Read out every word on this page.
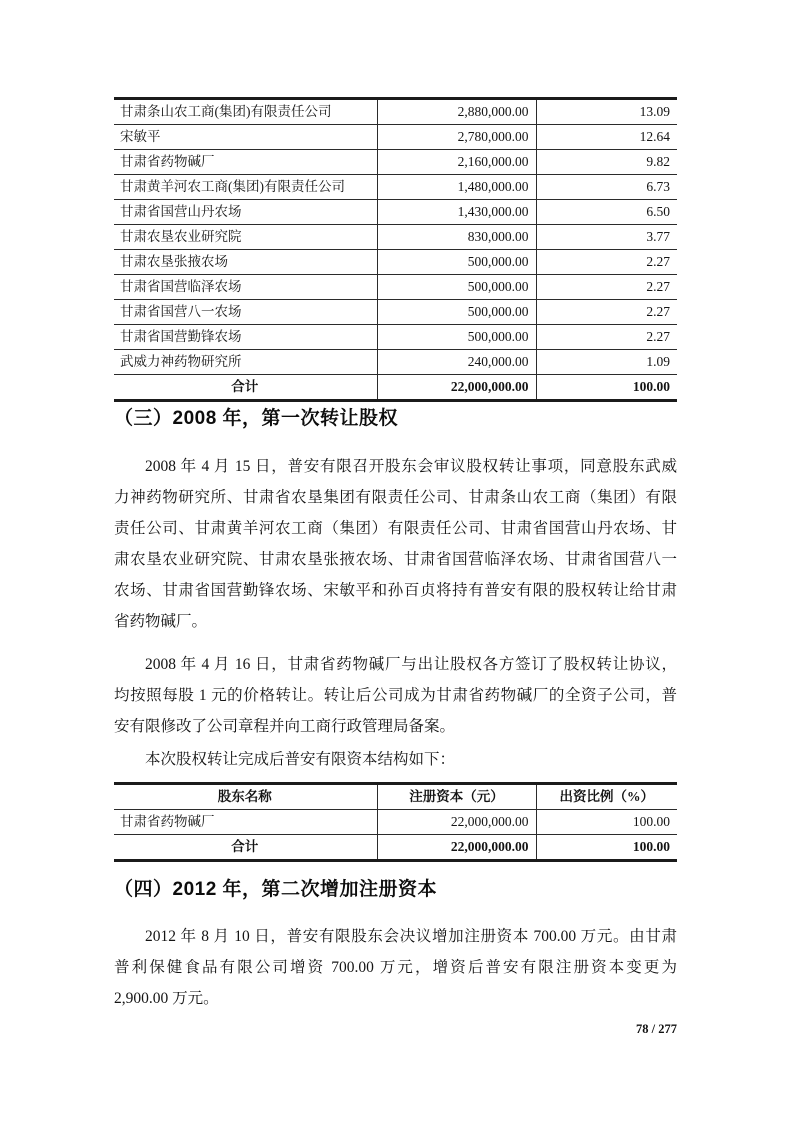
甘肃条山农工商(集团)有限责任公司	2,880,000.00	13.09
宋敏平	2,780,000.00	12.64
甘肃省药物碱厂	2,160,000.00	9.82
甘肃黄羊河农工商(集团)有限责任公司	1,480,000.00	6.73
甘肃省国营山丹农场	1,430,000.00	6.50
甘肃农垦农业研究院	830,000.00	3.77
甘肃农垦张掖农场	500,000.00	2.27
甘肃省国营临泽农场	500,000.00	2.27
甘肃省国营八一农场	500,000.00	2.27
甘肃省国营勤锋农场	500,000.00	2.27
武威力神药物研究所	240,000.00	1.09
合计	22,000,000.00	100.00
（三）2008 年，第一次转让股权
2008 年 4 月 15 日，普安有限召开股东会审议股权转让事项，同意股东武威
力神药物研究所、甘肃省农垦集团有限责任公司、甘肃条山农工商（集团）有限
责任公司、甘肃黄羊河农工商（集团）有限责任公司、甘肃省国营山丹农场、甘
肃农垦农业研究院、甘肃农垦张掖农场、甘肃省国营临泽农场、甘肃省国营八一
农场、甘肃省国营勤锋农场、宋敏平和孙百贞将持有普安有限的股权转让给甘肃
省药物碱厂。
2008 年 4 月 16 日，甘肃省药物碱厂与出让股权各方签订了股权转让协议，
均按照每股 1 元的价格转让。转让后公司成为甘肃省药物碱厂的全资子公司，普
安有限修改了公司章程并向工商行政管理局备案。
本次股权转让完成后普安有限资本结构如下：
股东名称	注册资本（元）	出资比例（%）
甘肃省药物碱厂	22,000,000.00	100.00
合计	22,000,000.00	100.00
（四）2012 年，第二次增加注册资本
2012 年 8 月 10 日，普安有限股东会决议增加注册资本 700.00 万元。由甘肃
普利保健食品有限公司增资 700.00 万元，增资后普安有限注册资本变更为
2,900.00 万元。
78 / 277
